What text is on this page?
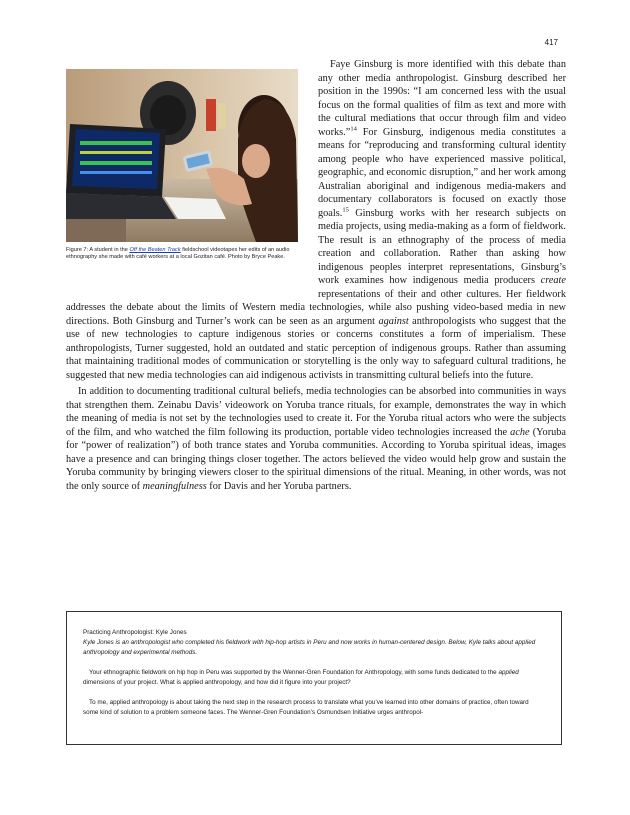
417
Figure 7: A student in the Off the Beaten Track fieldschool videotapes her edits of an audio ethnography she made with café workers at a local Gozitan café. Photo by Bryce Peake.

Faye Ginsburg is more identified with this debate than any other media anthropologist. Ginsburg described her position in the 1990s: “I am concerned less with the usual focus on the formal qualities of film as text and more with the cultural mediations that occur through film and video works.”$^{14}$ For Ginsburg, indigenous media constitutes a means for “reproducing and transforming cultural identity among people who have experienced massive political, geographic, and economic disruption,” and her work among Australian aboriginal and indigenous media-makers and documentary collaborators is focused on exactly those goals.$^{15}$ Ginsburg works with her research subjects on media projects, using media-making as a form of fieldwork. The result is an ethnography of the process of media creation and collaboration. Rather than asking how indigenous peoples interpret representations, Ginsburg’s work examines how indigenous media producers create representations of their and other cultures. Her fieldwork addresses the debate about the limits of Western media technologies, while also pushing video-based media in new directions. Both Ginsburg and Turner’s work can be seen as an argument against anthropologists who suggest that the use of new technologies to capture indigenous stories or concerns constitutes a form of imperialism. These anthropologists, Turner suggested, hold an outdated and static perception of indigenous groups. Rather than assuming that maintaining traditional modes of communication or storytelling is the only way to safeguard cultural traditions, he suggested that new media technologies can aid indigenous activists in transmitting cultural beliefs into the future.

In addition to documenting traditional cultural beliefs, media technologies can be absorbed into communities in ways that strengthen them. Zeinabu Davis’ videowork on Yoruba trance rituals, for example, demonstrates the way in which the meaning of media is not set by the technologies used to create it. For the Yoruba ritual actors who were the subjects of the film, and who watched the film following its production, portable video technologies increased the ache (Yoruba for “power of realization”) of both trance states and Yoruba communities. According to Yoruba spiritual ideas, images have a presence and can bringing things closer together. The actors believed the video would help grow and sustain the Yoruba community by bringing viewers closer to the spiritual dimensions of the ritual. Meaning, in other words, was not the only source of meaningfulness for Davis and her Yoruba partners.

Practicing Anthropologist: Kyle Jones
Kyle Jones is an anthropologist who completed his fieldwork with hip-hop artists in Peru and now works in human-centered design. Below, Kyle talks about applied anthropology and experimental methods.

Your ethnographic fieldwork on hip hop in Peru was supported by the Wenner-Gren Foundation for Anthropology, with some funds dedicated to the applied dimensions of your project. What is applied anthropology, and how did it figure into your project?

To me, applied anthropology is about taking the next step in the research process to translate what you’ve learned into other domains of practice, often toward some kind of solution to a problem someone faces. The Wenner-Gren Foundation’s Osmundsen Initiative urges anthropol-
